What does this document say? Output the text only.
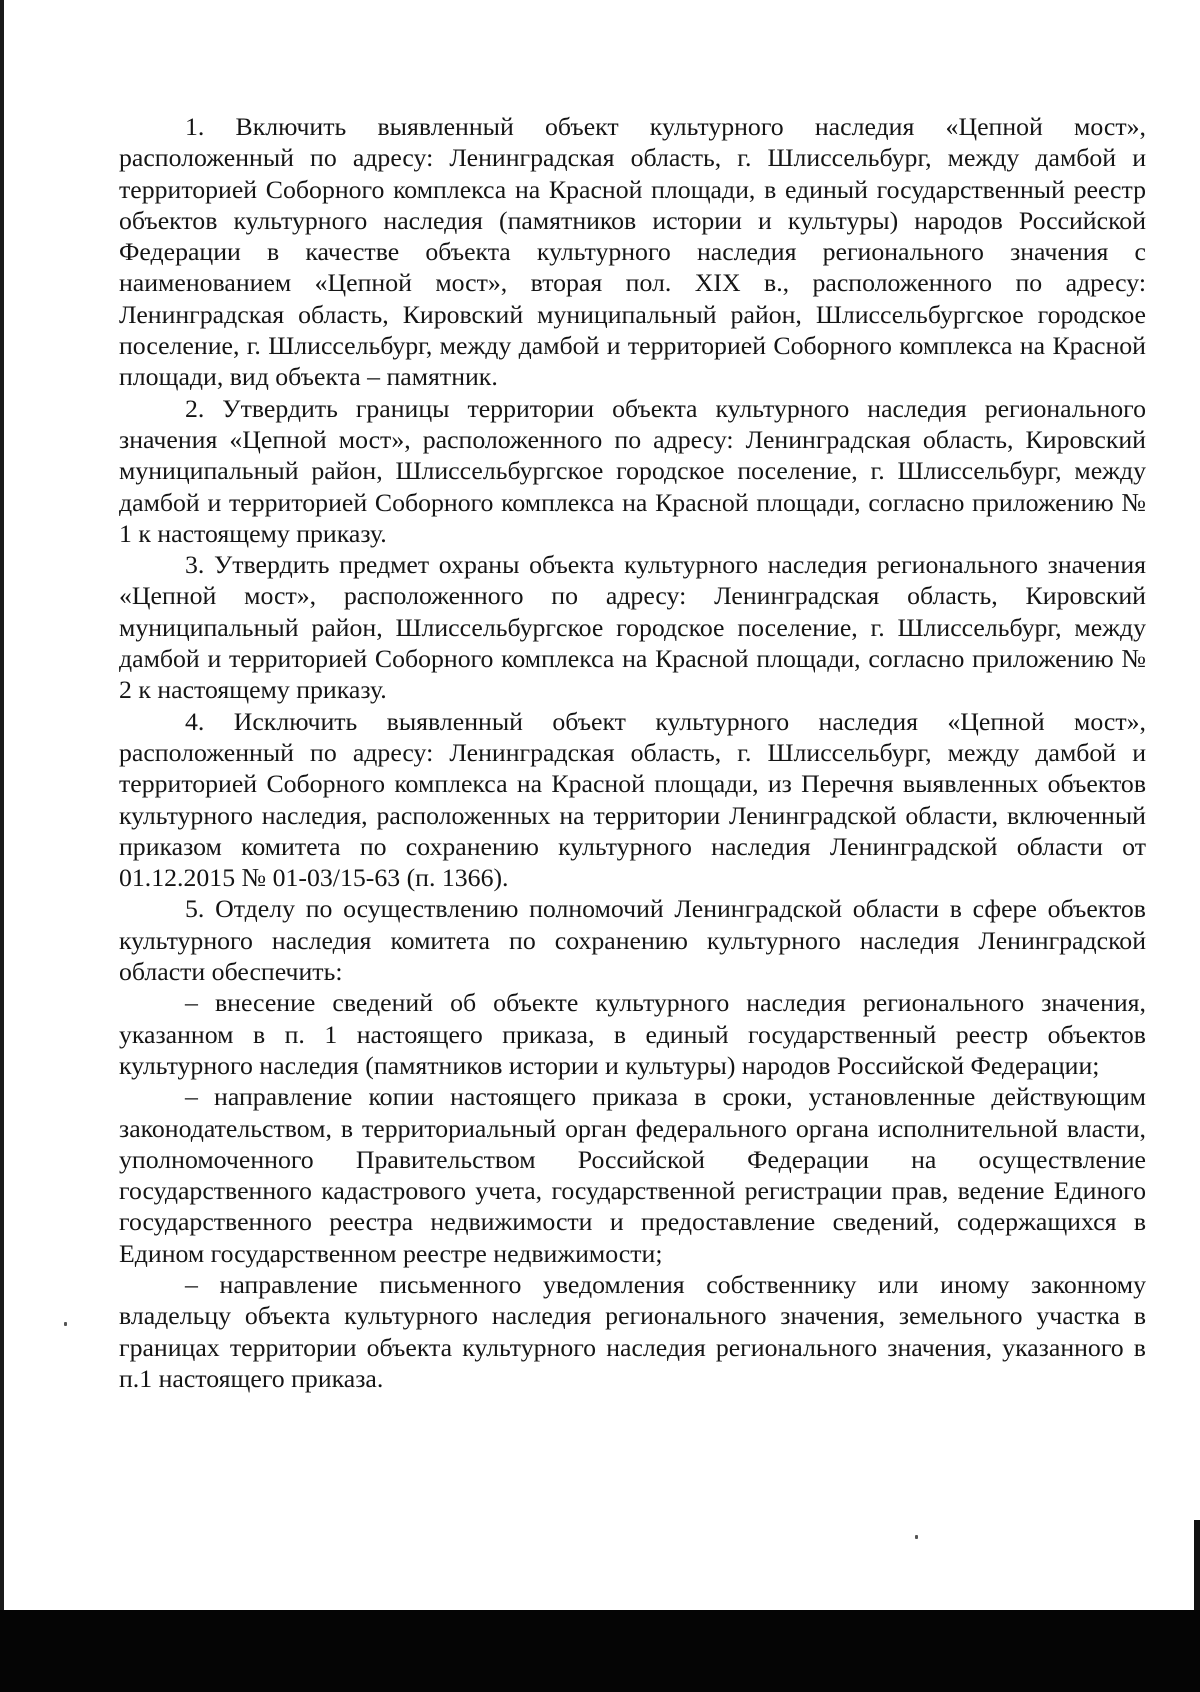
1. Включить выявленный объект культурного наследия «Цепной мост», расположенный по адресу: Ленинградская область, г. Шлиссельбург, между дамбой и территорией Соборного комплекса на Красной площади, в единый государственный реестр объектов культурного наследия (памятников истории и культуры) народов Российской Федерации в качестве объекта культурного наследия регионального значения с наименованием «Цепной мост», вторая пол. XIX в., расположенного по адресу: Ленинградская область, Кировский муниципальный район, Шлиссельбургское городское поселение, г. Шлиссельбург, между дамбой и территорией Соборного комплекса на Красной площади, вид объекта – памятник.

2. Утвердить границы территории объекта культурного наследия регионального значения «Цепной мост», расположенного по адресу: Ленинградская область, Кировский муниципальный район, Шлиссельбургское городское поселение, г. Шлиссельбург, между дамбой и территорией Соборного комплекса на Красной площади, согласно приложению № 1 к настоящему приказу.

3. Утвердить предмет охраны объекта культурного наследия регионального значения «Цепной мост», расположенного по адресу: Ленинградская область, Кировский муниципальный район, Шлиссельбургское городское поселение, г. Шлиссельбург, между дамбой и территорией Соборного комплекса на Красной площади, согласно приложению № 2 к настоящему приказу.

4. Исключить выявленный объект культурного наследия «Цепной мост», расположенный по адресу: Ленинградская область, г. Шлиссельбург, между дамбой и территорией Соборного комплекса на Красной площади, из Перечня выявленных объектов культурного наследия, расположенных на территории Ленинградской области, включенный приказом комитета по сохранению культурного наследия Ленинградской области от 01.12.2015 № 01-03/15-63 (п. 1366).

5. Отделу по осуществлению полномочий Ленинградской области в сфере объектов культурного наследия комитета по сохранению культурного наследия Ленинградской области обеспечить:

– внесение сведений об объекте культурного наследия регионального значения, указанном в п. 1 настоящего приказа, в единый государственный реестр объектов культурного наследия (памятников истории и культуры) народов Российской Федерации;

– направление копии настоящего приказа в сроки, установленные действующим законодательством, в территориальный орган федерального органа исполнительной власти, уполномоченного Правительством Российской Федерации на осуществление государственного кадастрового учета, государственной регистрации прав, ведение Единого государственного реестра недвижимости и предоставление сведений, содержащихся в Едином государственном реестре недвижимости;

– направление письменного уведомления собственнику или иному законному владельцу объекта культурного наследия регионального значения, земельного участка в границах территории объекта культурного наследия регионального значения, указанного в п.1 настоящего приказа.
